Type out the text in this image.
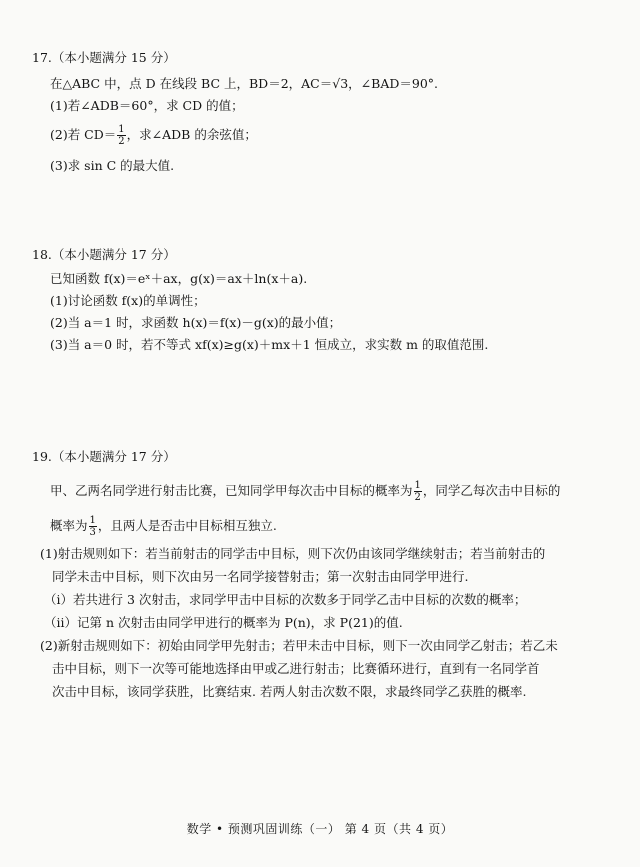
17.（本小题满分 15 分）
在△ABC 中，点 D 在线段 BC 上，BD＝2，AC＝√3，∠BAD＝90°.
(1)若∠ADB＝60°，求 CD 的值；
(2)若 $CD= \frac{1}{2}$ ，求∠ADB 的余弦值；
(3)求 sin C 的最大值.
18.（本小题满分 17 分）
已知函数 f(x)＝eˣ＋ax，g(x)＝ax＋ln(x＋a).
(1)讨论函数 f(x)的单调性；
(2)当 a＝1 时，求函数 h(x)＝f(x)－g(x)的最小值；
(3)当 a＝0 时，若不等式 xf(x)≥g(x)＋mx＋1 恒成立，求实数 m 的取值范围.
19.（本小题满分 17 分）
甲、乙两名同学进行射击比赛，已知同学甲每次击中目标的概率为 $\frac{1}{2}$ ，同学乙每次击中目标的
概率为 $\frac{1}{3}$ ，且两人是否击中目标相互独立.
(1)射击规则如下：若当前射击的同学击中目标，则下次仍由该同学继续射击；若当前射击的
同学未击中目标，则下次由另一名同学接替射击；第一次射击由同学甲进行.
（ⅰ）若共进行 3 次射击，求同学甲击中目标的次数多于同学乙击中目标的次数的概率；
（ⅱ）记第 n 次射击由同学甲进行的概率为 P(n)，求 P(21)的值.
(2)新射击规则如下：初始由同学甲先射击；若甲未击中目标，则下一次由同学乙射击；若乙未
击中目标，则下一次等可能地选择由甲或乙进行射击；比赛循环进行，直到有一名同学首
次击中目标，该同学获胜，比赛结束. 若两人射击次数不限，求最终同学乙获胜的概率.
数学 • 预测巩固训练（一） 第 4 页（共 4 页）
